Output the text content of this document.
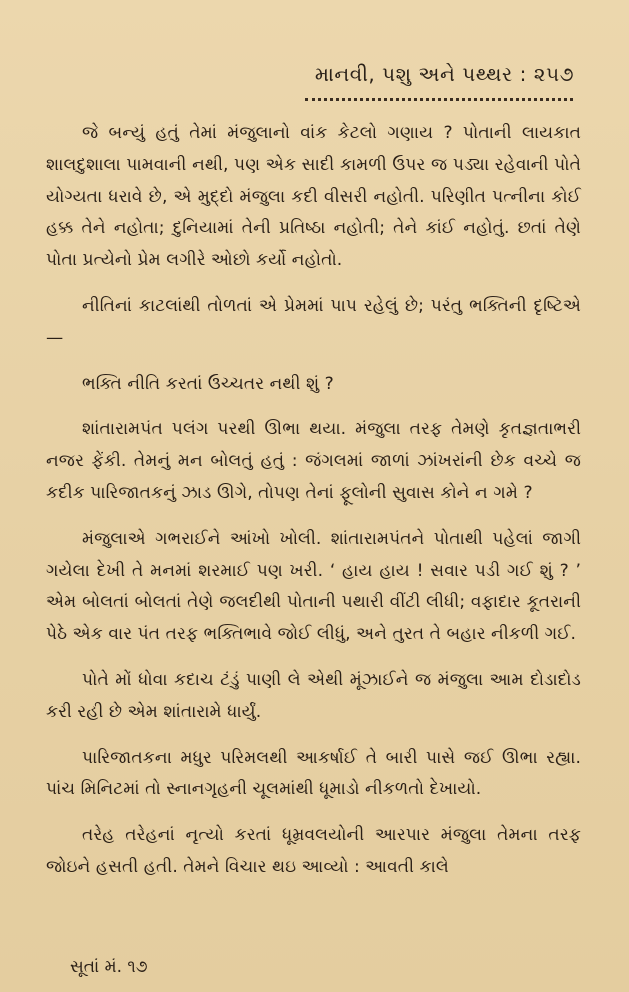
માનવી, પશુ અને પથ્થર : ૨૫૭

જે બન્યું હતું તેમાં મંજુલાનો વાંક કેટલો ગણાય ? પોતાની લાયકાત શાલદુશાલા પામવાની નથી, પણ એક સાદી કામળી ઉપર જ પડ્યા રહેવાની પોતે યોગ્યતા ધરાવે છે, એ મુદ્દો મંજુલા કદી વીસરી નહોતી. પરિણીત પત્નીના કોઈ હક્ક તેને નહોતા; દુનિયામાં તેની પ્રતિષ્ઠા નહોતી; તેને કાંઈ નહોતું. છતાં તેણે પોતા પ્રત્યેનો પ્રેમ લગીરે ઓછો કર્યો નહોતો.

નીતિનાં કાટલાંથી તોળતાં એ પ્રેમમાં પાપ રહેલું છે; પરંતુ ભક્તિની દૃષ્ટિએ—

ભક્તિ નીતિ કરતાં ઉચ્ચતર નથી શું ?

શાંતારામપંત પલંગ પરથી ઊભા થયા. મંજુલા તરફ તેમણે કૃતજ્ઞતાભરી નજર ફેંકી. તેમનું મન બોલતું હતું : જંગલમાં જાળાં ઝાંખરાંની છેક વચ્ચે જ કદીક પારિજાતકનું ઝાડ ઊગે, તોપણ તેનાં ફૂલોની સુવાસ કોને ન ગમે ?

મંજુલાએ ગભરાઈને આંખો ખોલી. શાંતારામપંતને પોતાથી પહેલાં જાગી ગયેલા દેખી તે મનમાં શરમાઈ પણ ખરી. ‘ હાય હાય ! સવાર પડી ગઈ શું ? ’ એમ બોલતાં બોલતાં તેણે જલદીથી પોતાની પથારી વીંટી લીધી; વફાદાર કૂતરાની પેઠે એક વાર પંત તરફ ભક્તિભાવે જોઈ લીધું, અને તુરત તે બહાર નીકળી ગઈ.

પોતે મોં ધોવા કદાચ ટંડું પાણી લે એથી મૂંઝાઈને જ મંજુલા આમ દોડાદોડ કરી રહી છે એમ શાંતારામે ધાર્યું.

પારિજાતકના મધુર પરિમલથી આકર્ષાઈ તે બારી પાસે જઈ ઊભા રહ્યા. પાંચ મિનિટમાં તો સ્નાનગૃહની ચૂલમાંથી ધૂમાડો નીકળતો દેખાયો.

તરેહ તરેહનાં નૃત્યો કરતાં ધૂમ્રવલયોની આરપાર મંજુલા તેમના તરફ જોઇને હસતી હતી. તેમને વિચાર થઇ આવ્યો : આવતી કાલે

સૂતાં મં. ૧૭
